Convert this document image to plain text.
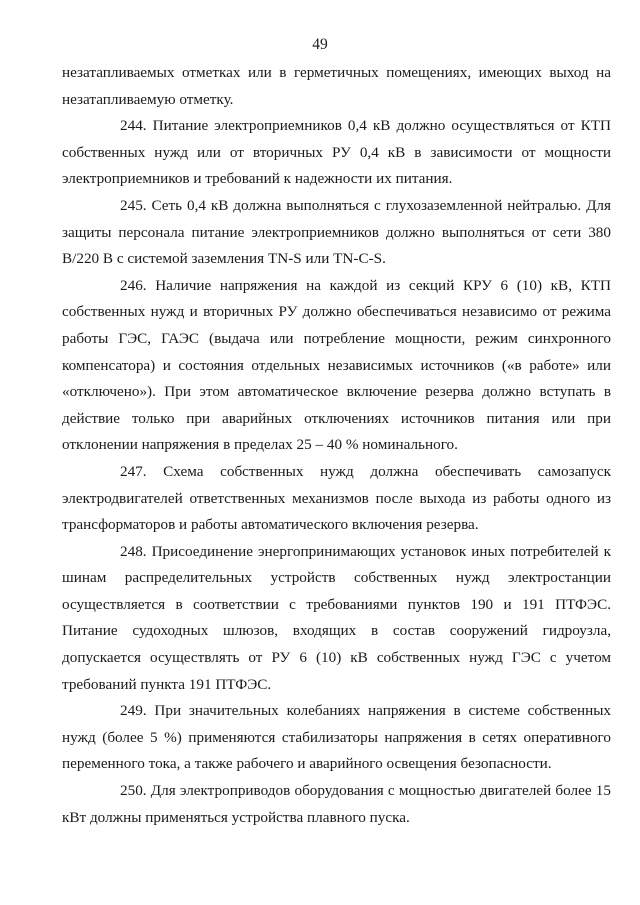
49

незатапливаемых отметках или в герметичных помещениях, имеющих выход на незатапливаемую отметку.

244. Питание электроприемников 0,4 кВ должно осуществляться от КТП собственных нужд или от вторичных РУ 0,4 кВ в зависимости от мощности электроприемников и требований к надежности их питания.

245. Сеть 0,4 кВ должна выполняться с глухозаземленной нейтралью. Для защиты персонала питание электроприемников должно выполняться от сети 380 В/220 В с системой заземления TN-S или TN-C-S.

246. Наличие напряжения на каждой из секций КРУ 6 (10) кВ, КТП собственных нужд и вторичных РУ должно обеспечиваться независимо от режима работы ГЭС, ГАЭС (выдача или потребление мощности, режим синхронного компенсатора) и состояния отдельных независимых источников («в работе» или «отключено»). При этом автоматическое включение резерва должно вступать в действие только при аварийных отключениях источников питания или при отклонении напряжения в пределах 25 – 40 % номинального.

247. Схема собственных нужд должна обеспечивать самозапуск электродвигателей ответственных механизмов после выхода из работы одного из трансформаторов и работы автоматического включения резерва.

248. Присоединение энергопринимающих установок иных потребителей к шинам распределительных устройств собственных нужд электростанции осуществляется в соответствии с требованиями пунктов 190 и 191 ПТФЭС. Питание судоходных шлюзов, входящих в состав сооружений гидроузла, допускается осуществлять от РУ 6 (10) кВ собственных нужд ГЭС с учетом требований пункта 191 ПТФЭС.

249. При значительных колебаниях напряжения в системе собственных нужд (более 5 %) применяются стабилизаторы напряжения в сетях оперативного переменного тока, а также рабочего и аварийного освещения безопасности.

250. Для электроприводов оборудования с мощностью двигателей более 15 кВт должны применяться устройства плавного пуска.
